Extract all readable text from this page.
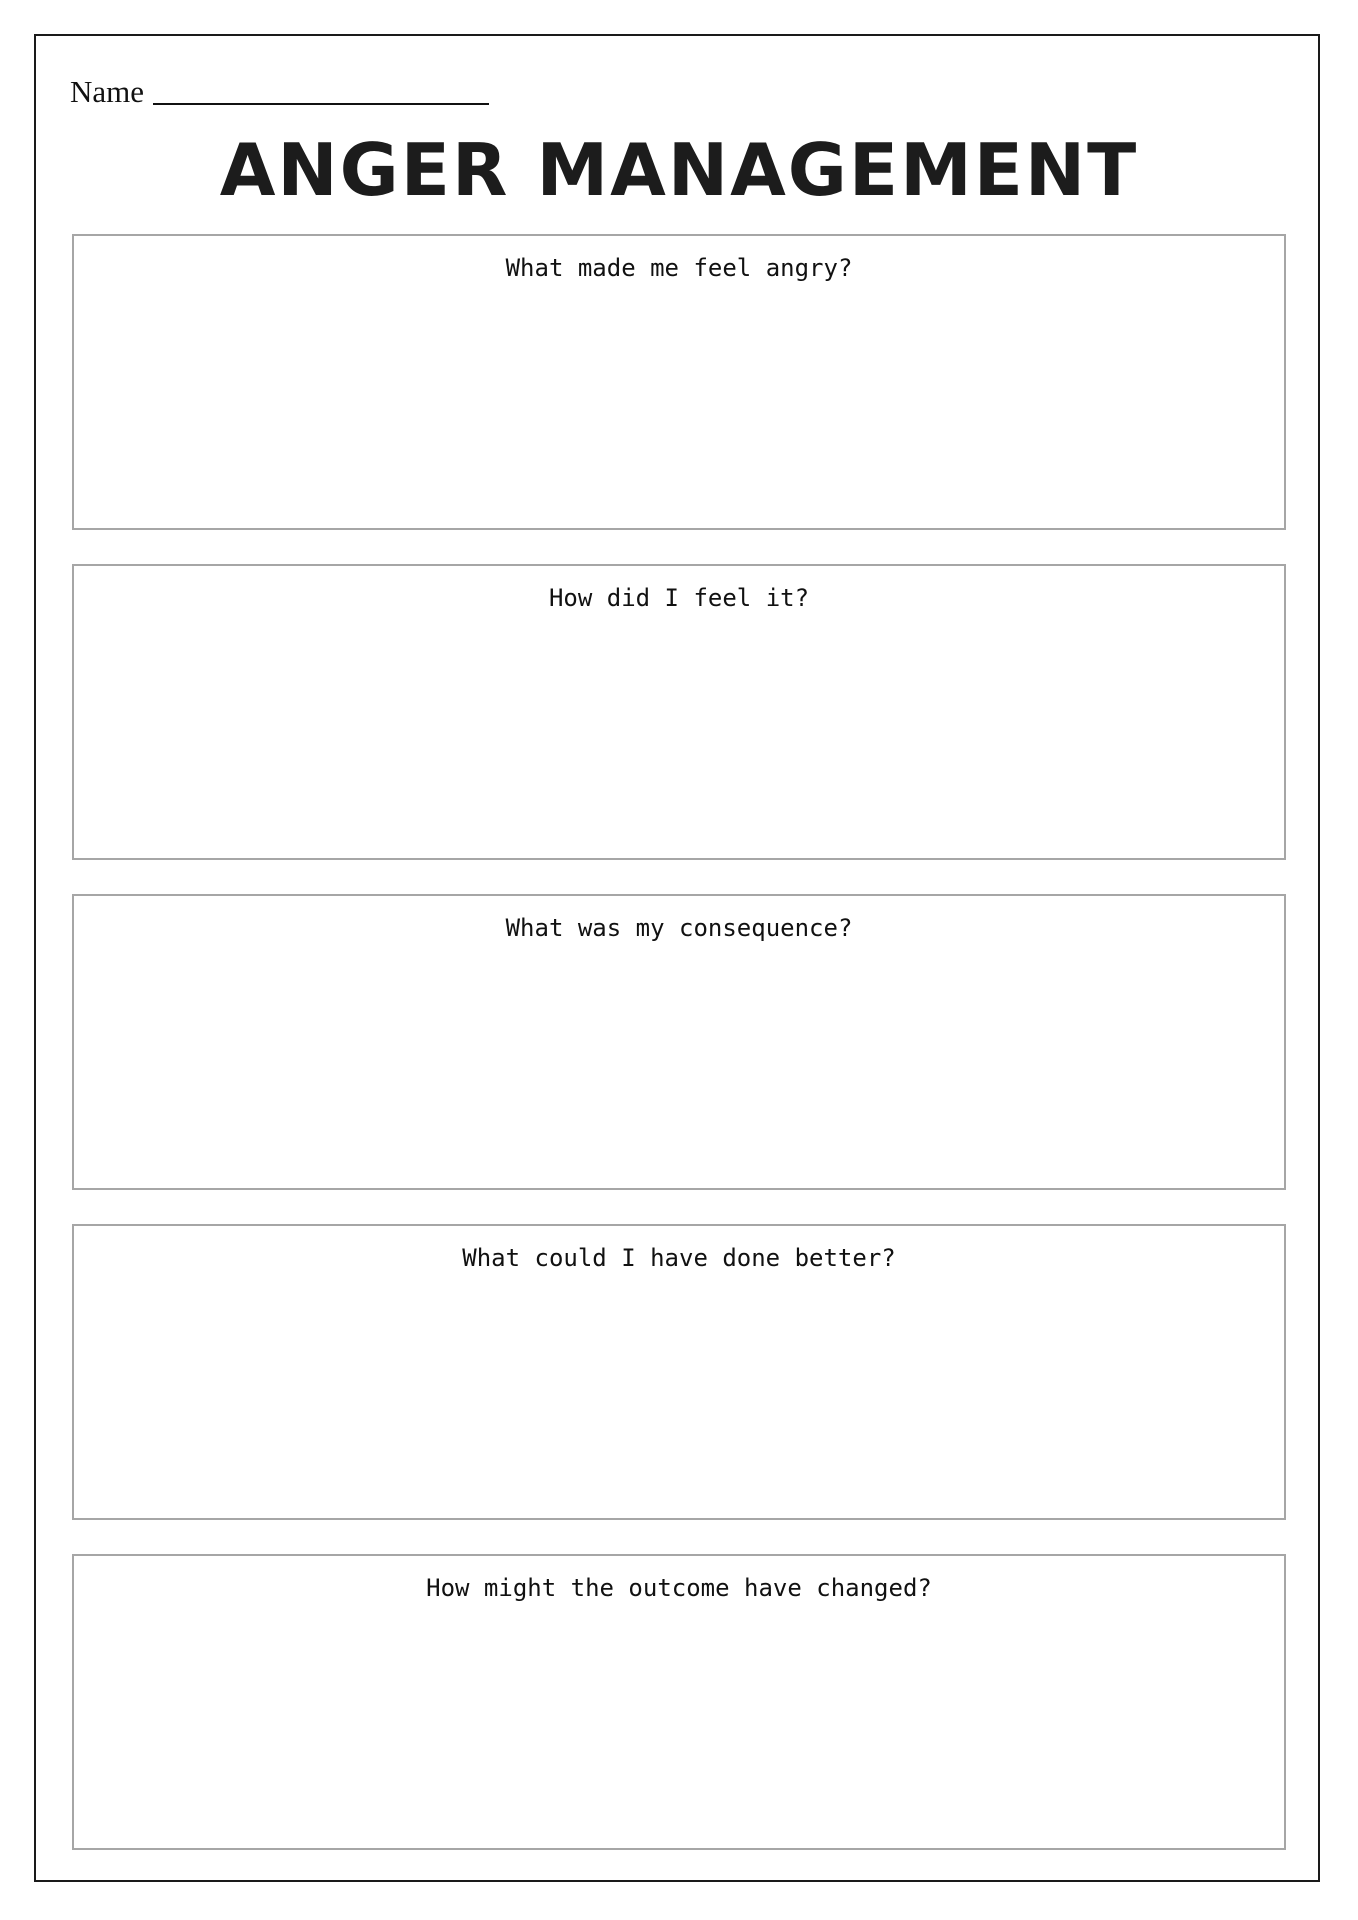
Name
ANGER MANAGEMENT
What made me feel angry?
How did I feel it?
What was my consequence?
What could I have done better?
How might the outcome have changed?
